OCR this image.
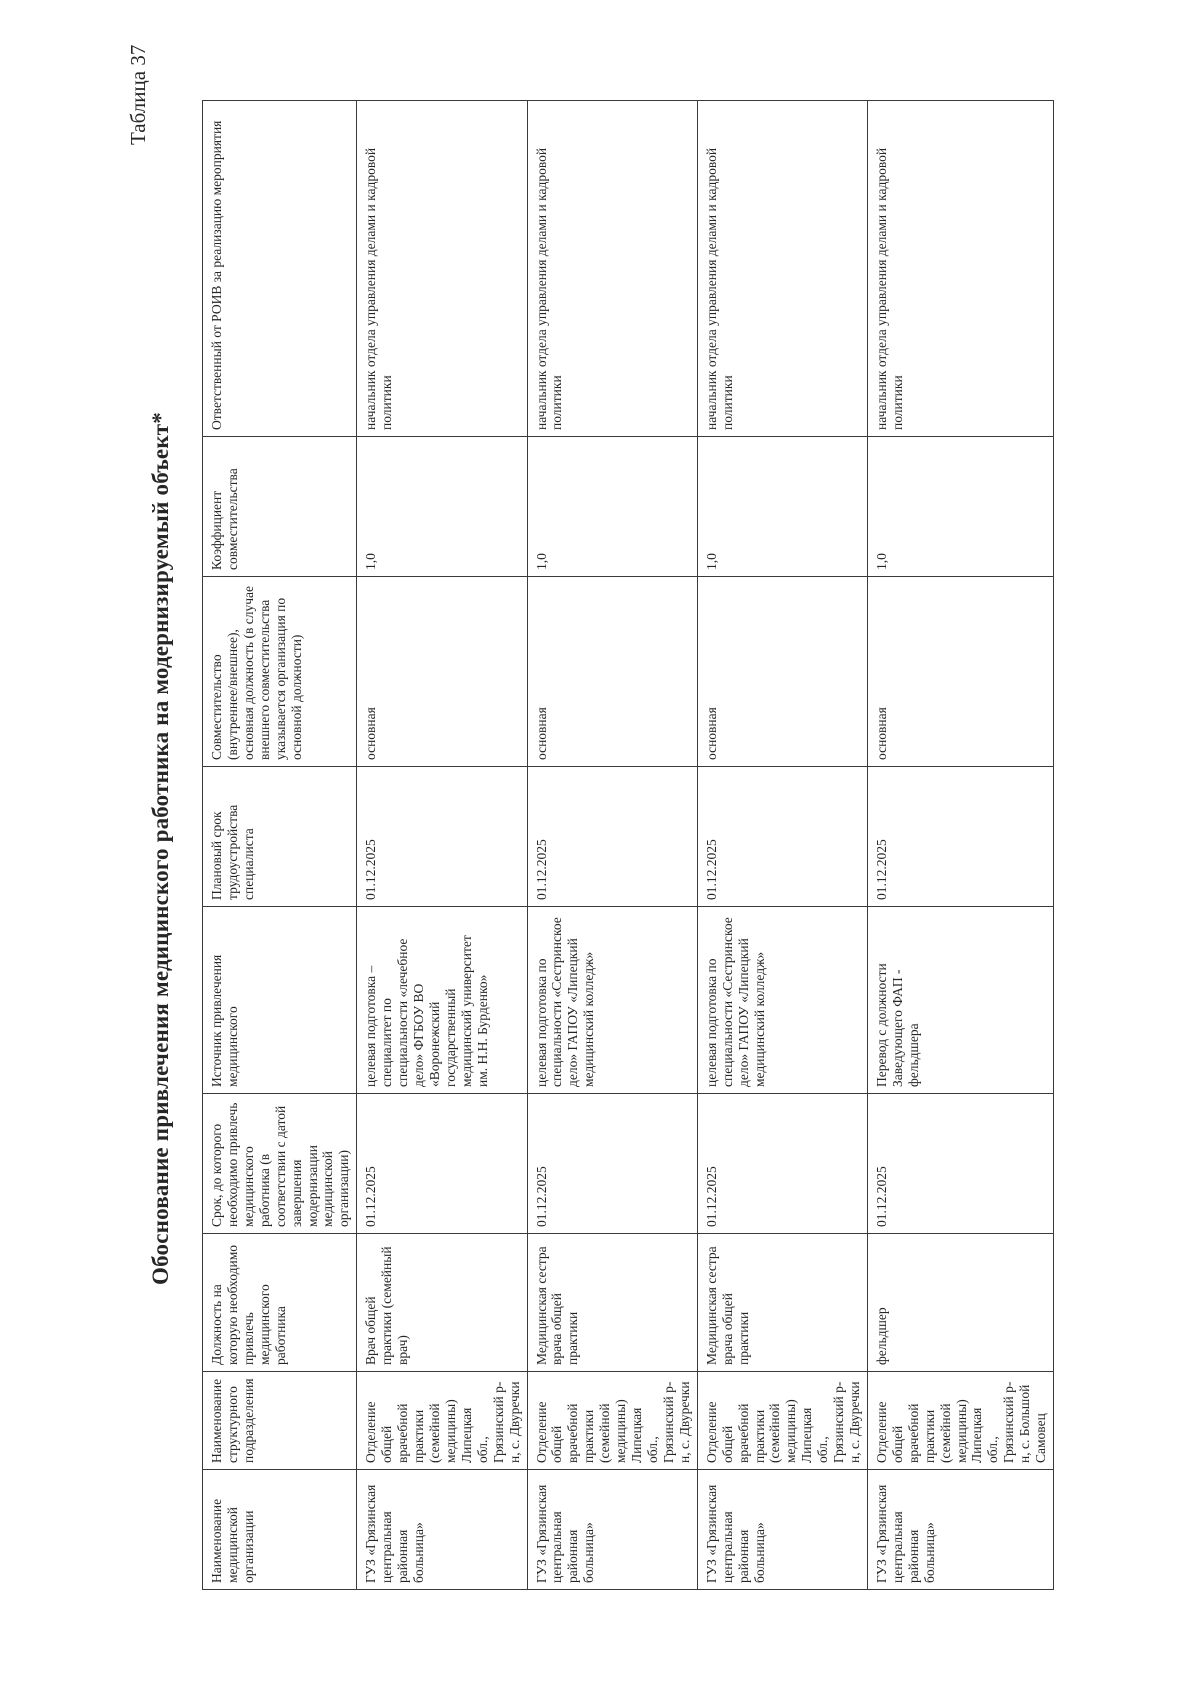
Таблица 37
Обоснование привлечения медицинского работника на модернизируемый объект*
Наименование медицинской организации	Наименование структурного подразделения	Должность на которую необходимо привлечь медицинского работника	Срок, до которого необходимо привлечь медицинского работника (в соответствии с датой завершения модернизации медицинской организации)	Источник привлечения медицинского	Плановый срок трудоустройства специалиста	Совместительство (внутреннее/внешнее), основная должность (в случае внешнего совместительства указывается организация по основной должности)	Коэффициент совместительства	Ответственный от РОИВ за реализацию мероприятия
ГУЗ «Грязинская центральная районная больница»	Отделение общей врачебной практики (семейной медицины) Липецкая обл., Грязинский р-н, с. Двуречки	Врач общей практики (семейный врач)	01.12.2025	целевая подготовка – специалитет по специальности «лечебное дело» ФГБОУ ВО «Воронежский государственный медицинский университет им. Н.Н. Бурденко»	01.12.2025	основная	1,0	начальник отдела управления делами и кадровой политики
ГУЗ «Грязинская центральная районная больница»	Отделение общей врачебной практики (семейной медицины) Липецкая обл., Грязинский р-н, с. Двуречки	Медицинская сестра врача общей практики	01.12.2025	целевая подготовка по специальности «Сестринское дело» ГАПОУ «Липецкий медицинский колледж»	01.12.2025	основная	1,0	начальник отдела управления делами и кадровой политики
ГУЗ «Грязинская центральная районная больница»	Отделение общей врачебной практики (семейной медицины) Липецкая обл., Грязинский р-н, с. Двуречки	Медицинская сестра врача общей практики	01.12.2025	целевая подготовка по специальности «Сестринское дело» ГАПОУ «Липецкий медицинский колледж»	01.12.2025	основная	1,0	начальник отдела управления делами и кадровой политики
ГУЗ «Грязинская центральная районная больница»	Отделение общей врачебной практики (семейной медицины) Липецкая обл., Грязинский р-н, с. Большой Самовец	фельдшер	01.12.2025	Перевод с должности Заведующего ФАП - фельдшера	01.12.2025	основная	1,0	начальник отдела управления делами и кадровой политики
